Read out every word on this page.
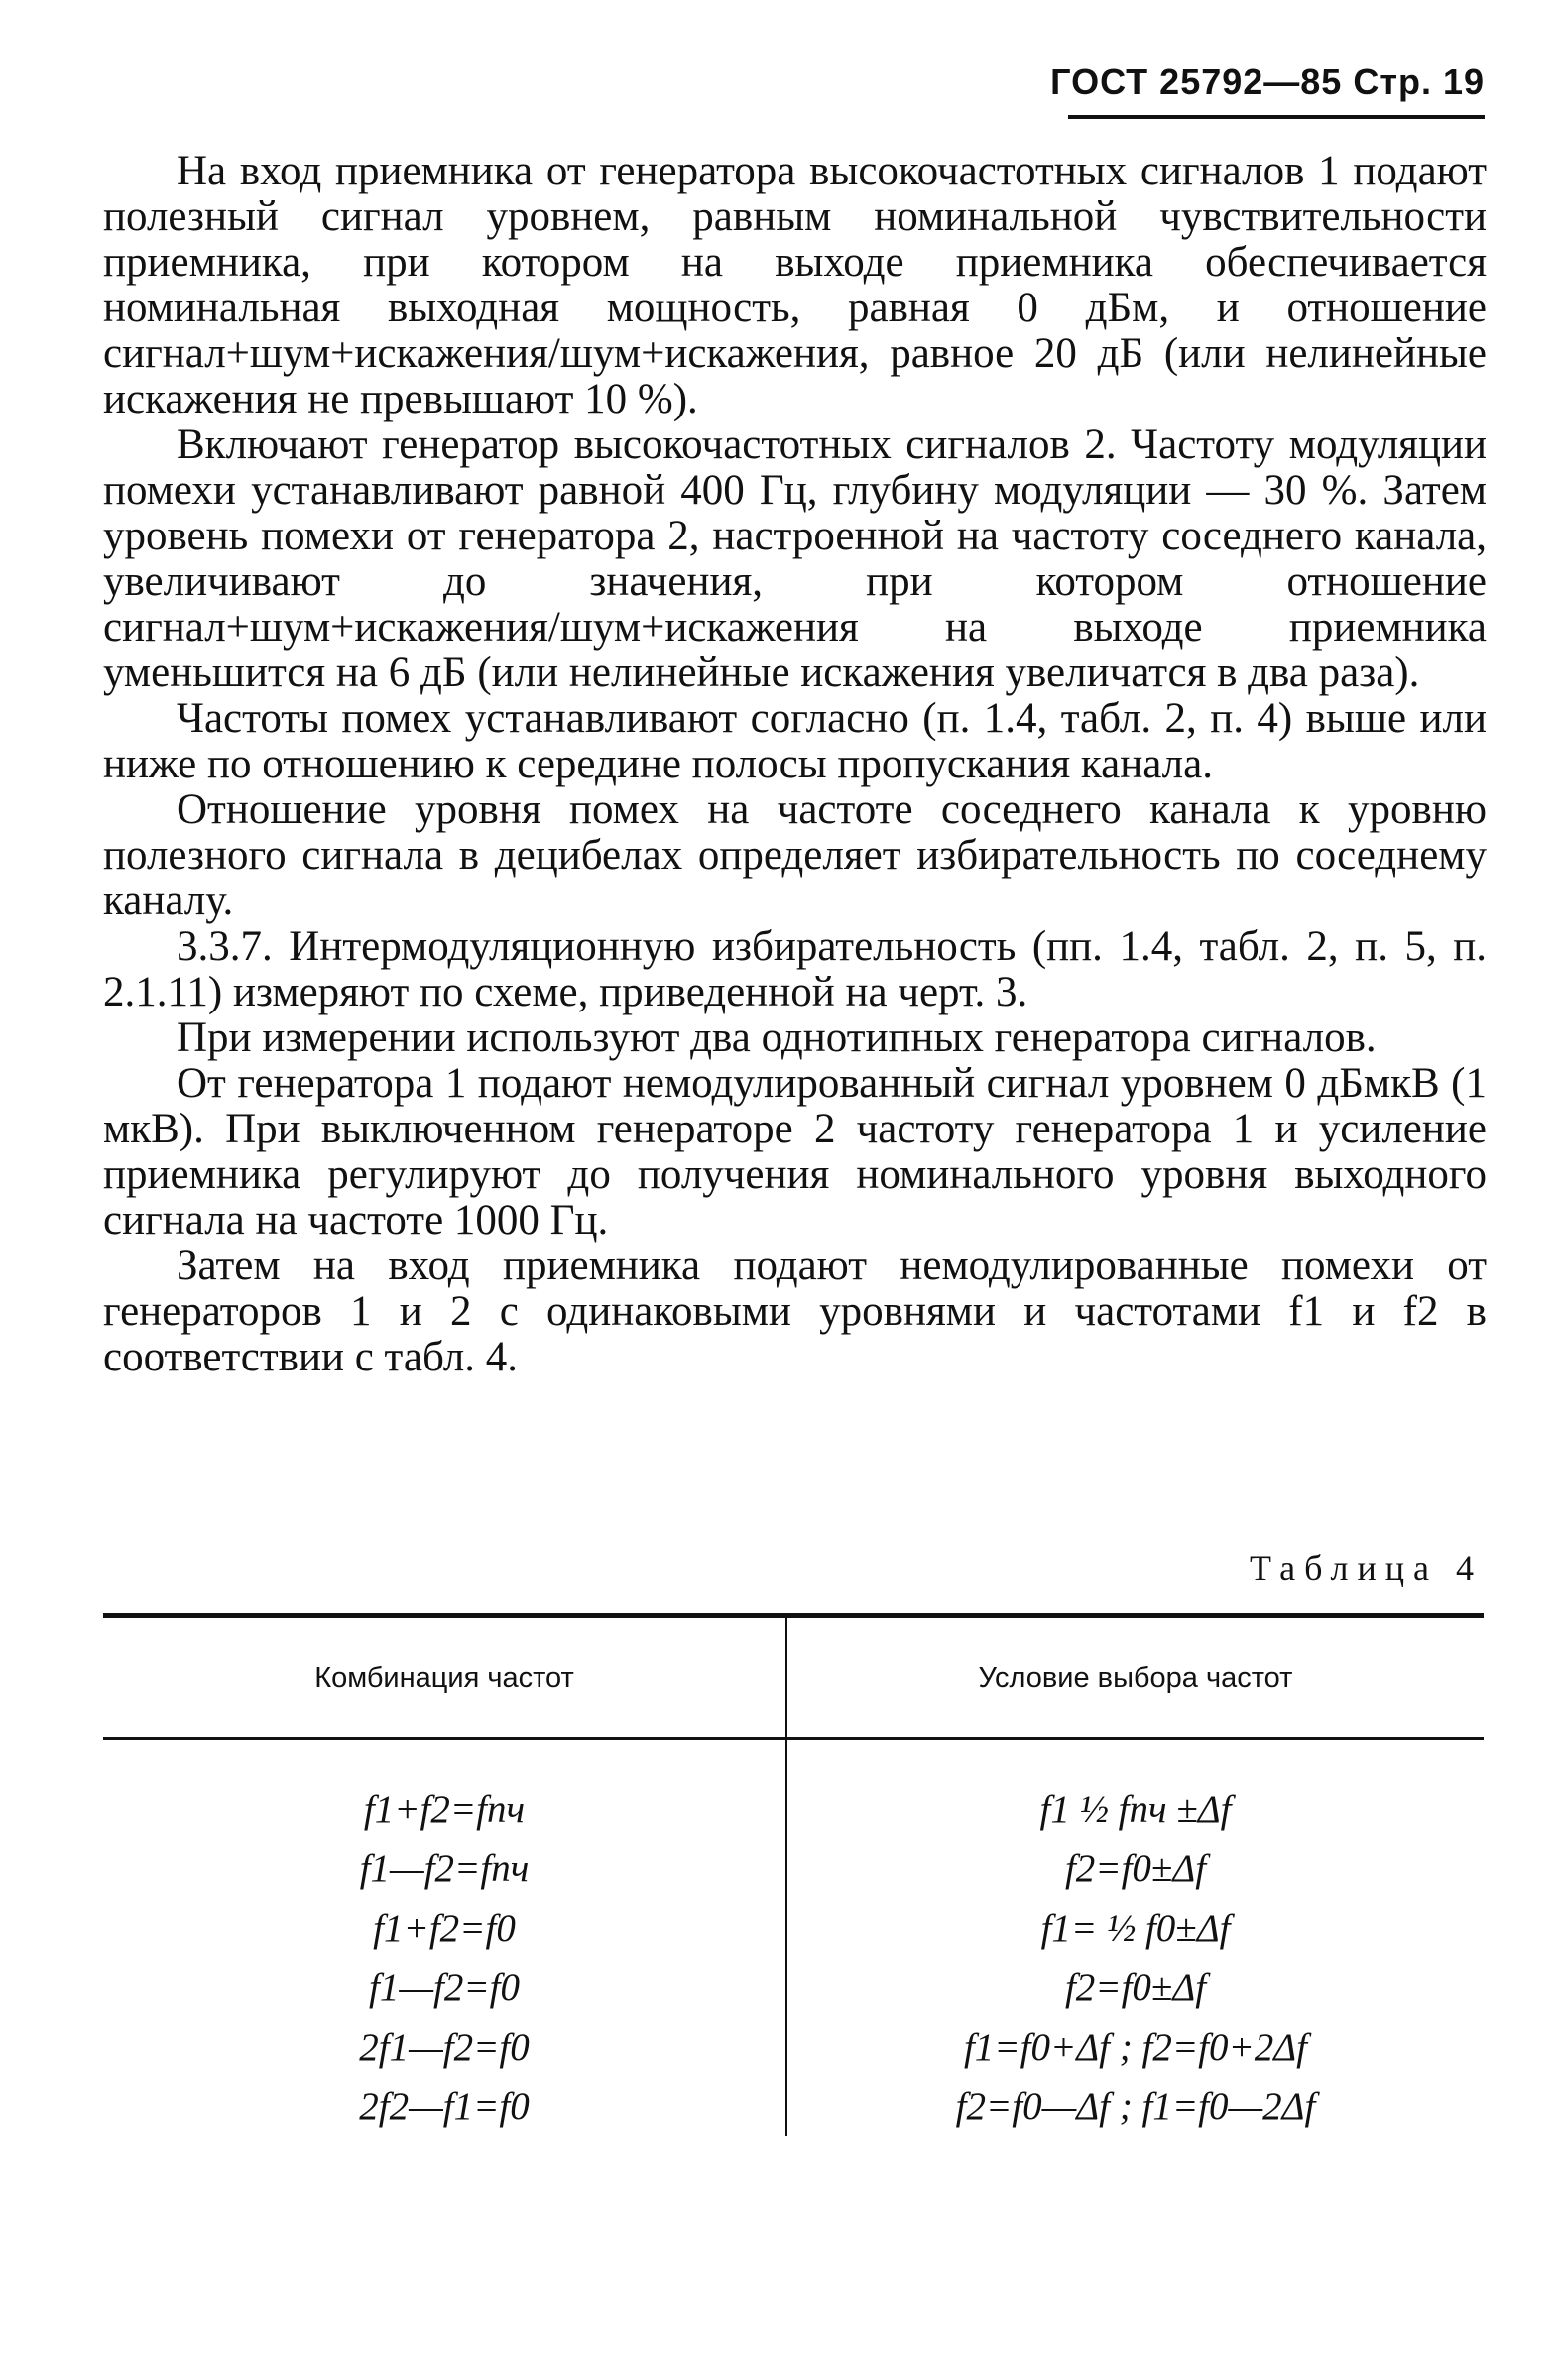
ГОСТ 25792—85 Стр. 19

На вход приемника от генератора высокочастотных сигналов 1 подают полезный сигнал уровнем, равным номинальной чувствительности приемника, при котором на выходе приемника обеспечивается номинальная выходная мощность, равная 0 дБм, и отношение сигнал+шум+искажения/шум+искажения, равное 20 дБ (или нелинейные искажения не превышают 10 %).

Включают генератор высокочастотных сигналов 2. Частоту модуляции помехи устанавливают равной 400 Гц, глубину модуляции — 30 %. Затем уровень помехи от генератора 2, настроенной на частоту соседнего канала, увеличивают до значения, при котором отношение сигнал+шум+искажения/шум+искажения на выходе приемника уменьшится на 6 дБ (или нелинейные искажения увеличатся в два раза).

Частоты помех устанавливают согласно (п. 1.4, табл. 2, п. 4) выше или ниже по отношению к середине полосы пропускания канала.

Отношение уровня помех на частоте соседнего канала к уровню полезного сигнала в децибелах определяет избирательность по соседнему каналу.

3.3.7. Интермодуляционную избирательность (пп. 1.4, табл. 2, п. 5, п. 2.1.11) измеряют по схеме, приведенной на черт. 3.

При измерении используют два однотипных генератора сигналов.

От генератора 1 подают немодулированный сигнал уровнем 0 дБмкВ (1 мкВ). При выключенном генераторе 2 частоту генератора 1 и усиление приемника регулируют до получения номинального уровня выходного сигнала на частоте 1000 Гц.

Затем на вход приемника подают немодулированные помехи от генераторов 1 и 2 с одинаковыми уровнями и частотами f1 и f2 в соответствии с табл. 4.

Таблица 4
Комбинация частот	Условие выбора частот
f1+f2=fпч	f1 ½ fпч ±Δf
f1—f2=fпч	f2=f0±Δf
f1+f2=f0	f1= ½ f0±Δf
f1—f2=f0	f2=f0±Δf
2f1—f2=f0	f1=f0+Δf ; f2=f0+2Δf
2f2—f1=f0	f2=f0—Δf ; f1=f0—2Δf
